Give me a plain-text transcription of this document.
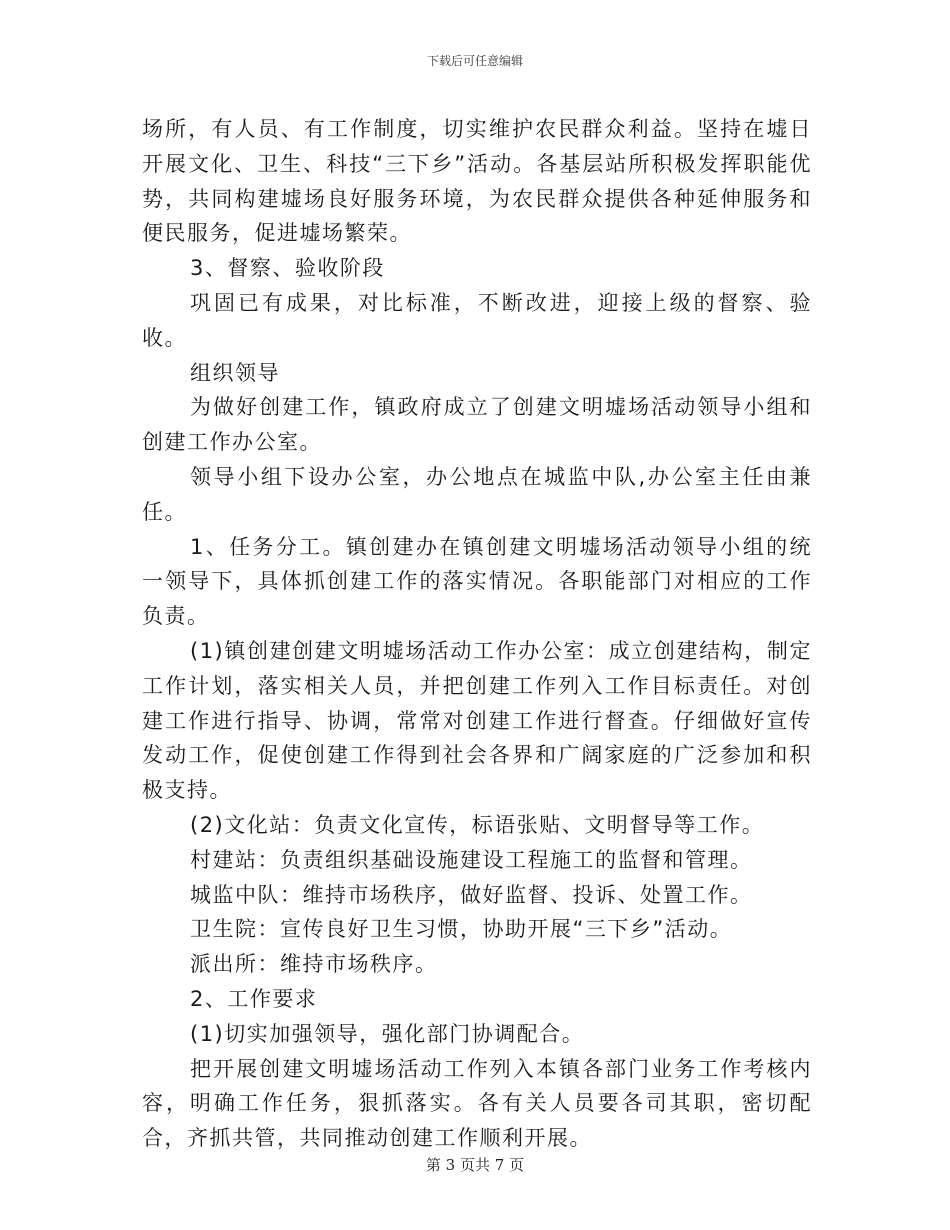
下载后可任意编辑

场所，有人员、有工作制度，切实维护农民群众利益。坚持在墟日开展文化、卫生、科技“三下乡”活动。各基层站所积极发挥职能优势，共同构建墟场良好服务环境，为农民群众提供各种延伸服务和便民服务，促进墟场繁荣。

3、督察、验收阶段

巩固已有成果，对比标准，不断改进，迎接上级的督察、验收。

组织领导

为做好创建工作，镇政府成立了创建文明墟场活动领导小组和创建工作办公室。

领导小组下设办公室，办公地点在城监中队,办公室主任由兼任。

1、任务分工。镇创建办在镇创建文明墟场活动领导小组的统一领导下，具体抓创建工作的落实情况。各职能部门对相应的工作负责。

(1)镇创建创建文明墟场活动工作办公室：成立创建结构，制定工作计划，落实相关人员，并把创建工作列入工作目标责任。对创建工作进行指导、协调，常常对创建工作进行督查。仔细做好宣传发动工作，促使创建工作得到社会各界和广阔家庭的广泛参加和积极支持。

(2)文化站：负责文化宣传，标语张贴、文明督导等工作。

村建站：负责组织基础设施建设工程施工的监督和管理。

城监中队：维持市场秩序，做好监督、投诉、处置工作。

卫生院：宣传良好卫生习惯，协助开展“三下乡”活动。

派出所：维持市场秩序。

2、工作要求

(1)切实加强领导，强化部门协调配合。

把开展创建文明墟场活动工作列入本镇各部门业务工作考核内容，明确工作任务，狠抓落实。各有关人员要各司其职，密切配合，齐抓共管，共同推动创建工作顺利开展。

第 3 页共 7 页
